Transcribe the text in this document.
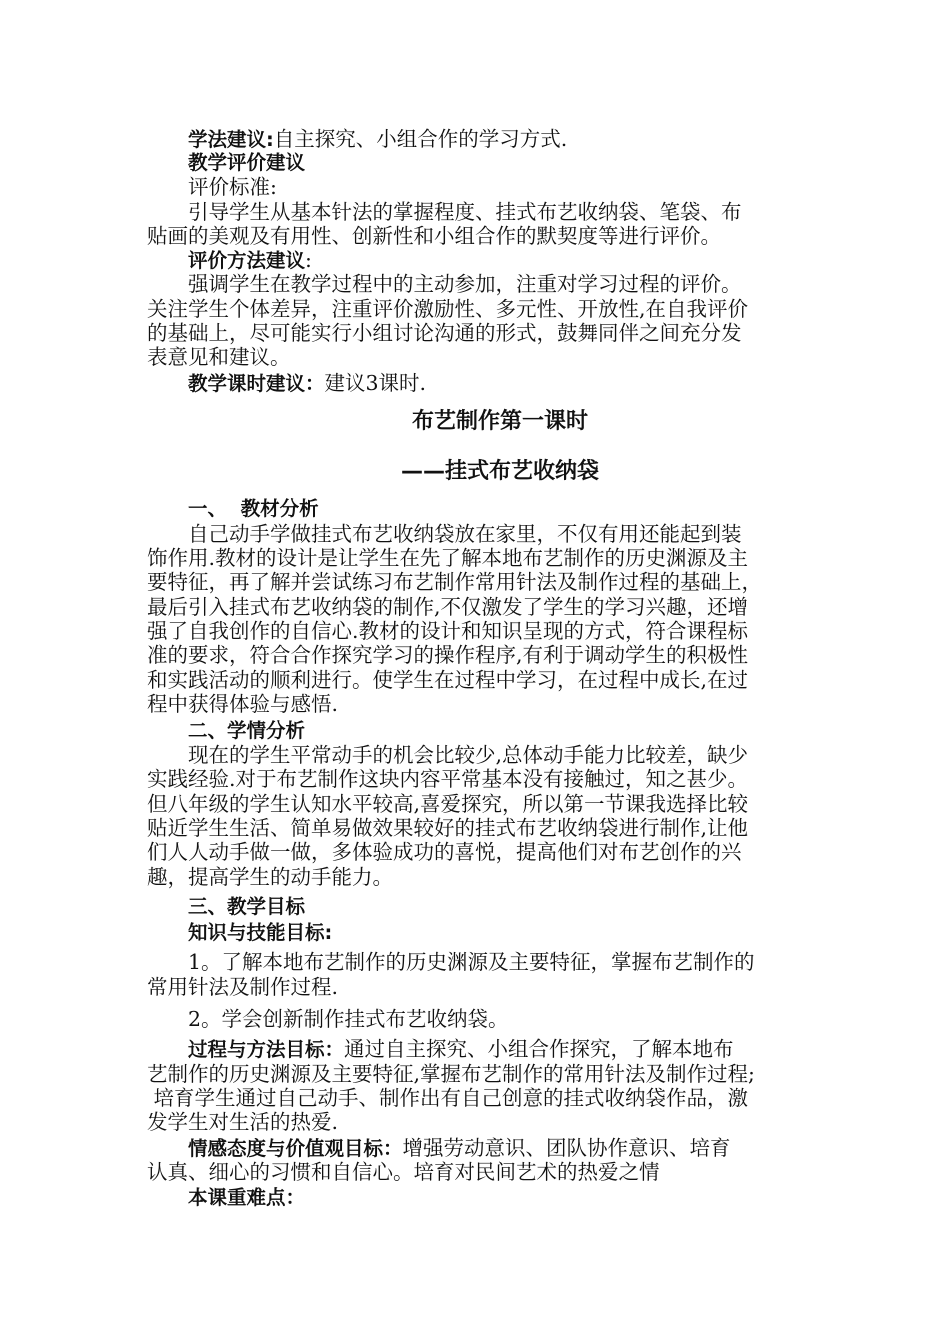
学法建议:自主探究、小组合作的学习方式.
教学评价建议
评价标准:
引导学生从基本针法的掌握程度、挂式布艺收纳袋、笔袋、布
贴画的美观及有用性、创新性和小组合作的默契度等进行评价。
评价方法建议:
强调学生在教学过程中的主动参加，注重对学习过程的评价。
关注学生个体差异，注重评价激励性、多元性、开放性,在自我评价
的基础上，尽可能实行小组讨论沟通的形式，鼓舞同伴之间充分发
表意见和建议。
教学课时建议：建议3课时.
布艺制作第一课时
——挂式布艺收纳袋
一、  教材分析
自己动手学做挂式布艺收纳袋放在家里，不仅有用还能起到装
饰作用.教材的设计是让学生在先了解本地布艺制作的历史渊源及主
要特征，再了解并尝试练习布艺制作常用针法及制作过程的基础上，
最后引入挂式布艺收纳袋的制作,不仅激发了学生的学习兴趣，还增
强了自我创作的自信心.教材的设计和知识呈现的方式，符合课程标
准的要求，符合合作探究学习的操作程序,有利于调动学生的积极性
和实践活动的顺利进行。使学生在过程中学习，在过程中成长,在过
程中获得体验与感悟.
二、学情分析
现在的学生平常动手的机会比较少,总体动手能力比较差，缺少
实践经验.对于布艺制作这块内容平常基本没有接触过，知之甚少。
但八年级的学生认知水平较高,喜爱探究，所以第一节课我选择比较
贴近学生生活、简单易做效果较好的挂式布艺收纳袋进行制作,让他
们人人动手做一做，多体验成功的喜悦，提高他们对布艺创作的兴
趣，提高学生的动手能力。
三、教学目标
知识与技能目标:
1。了解本地布艺制作的历史渊源及主要特征，掌握布艺制作的
常用针法及制作过程.
2。学会创新制作挂式布艺收纳袋。
过程与方法目标：通过自主探究、小组合作探究，了解本地布
艺制作的历史渊源及主要特征,掌握布艺制作的常用针法及制作过程;
培育学生通过自己动手、制作出有自己创意的挂式收纳袋作品，激
发学生对生活的热爱.
情感态度与价值观目标：增强劳动意识、团队协作意识、培育
认真、细心的习惯和自信心。培育对民间艺术的热爱之情
本课重难点：
